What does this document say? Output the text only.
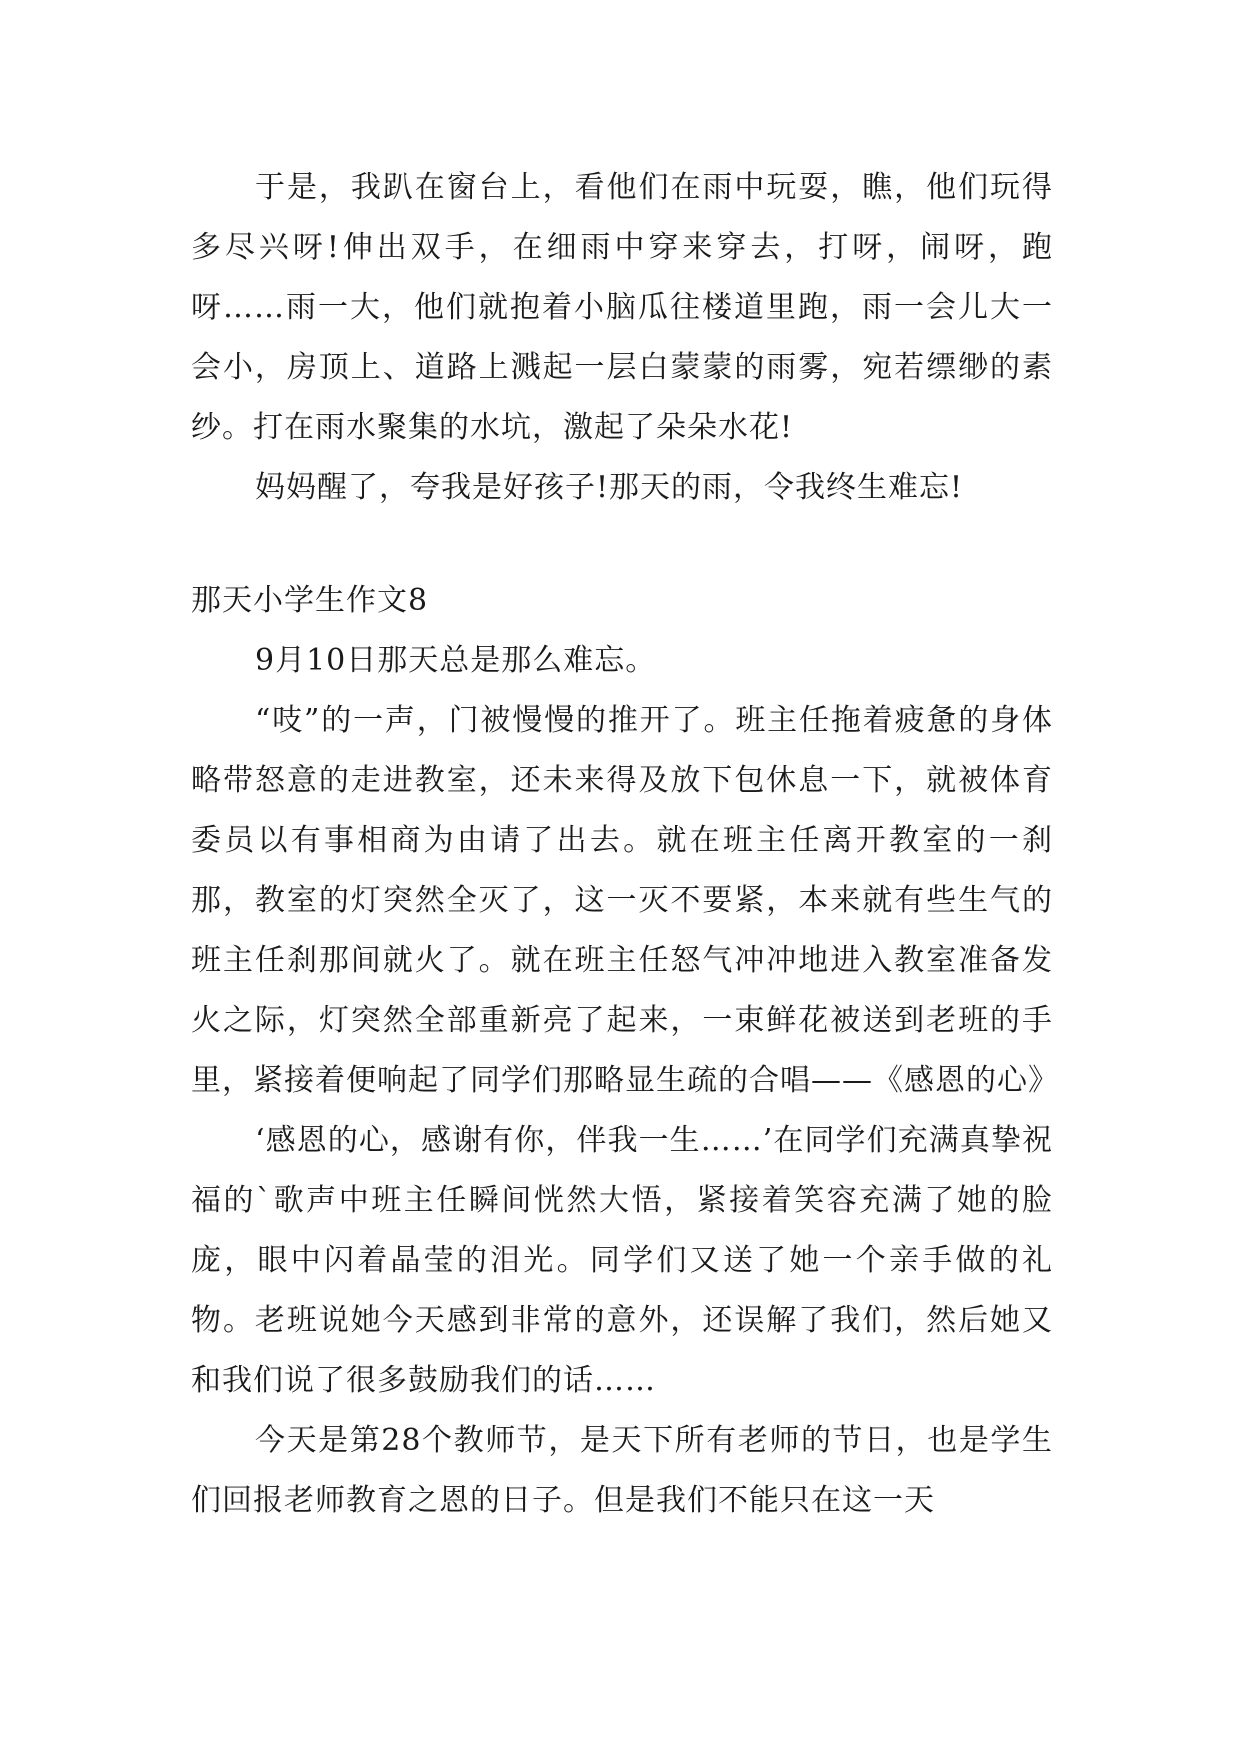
于是，我趴在窗台上，看他们在雨中玩耍，瞧，他们玩得多尽兴呀!伸出双手，在细雨中穿来穿去，打呀，闹呀，跑呀……雨一大，他们就抱着小脑瓜往楼道里跑，雨一会儿大一会小，房顶上、道路上溅起一层白蒙蒙的雨雾，宛若缥缈的素纱。打在雨水聚集的水坑，激起了朵朵水花!

妈妈醒了，夸我是好孩子!那天的雨，令我终生难忘!

那天小学生作文8

9月10日那天总是那么难忘。

“吱”的一声，门被慢慢的推开了。班主任拖着疲惫的身体略带怒意的走进教室，还未来得及放下包休息一下，就被体育委员以有事相商为由请了出去。就在班主任离开教室的一刹那，教室的灯突然全灭了，这一灭不要紧，本来就有些生气的班主任刹那间就火了。就在班主任怒气冲冲地进入教室准备发火之际，灯突然全部重新亮了起来，一束鲜花被送到老班的手里，紧接着便响起了同学们那略显生疏的合唱——《感恩的心》

‘感恩的心，感谢有你，伴我一生……’在同学们充满真挚祝福的`歌声中班主任瞬间恍然大悟，紧接着笑容充满了她的脸庞，眼中闪着晶莹的泪光。同学们又送了她一个亲手做的礼物。老班说她今天感到非常的意外，还误解了我们，然后她又和我们说了很多鼓励我们的话……

今天是第28个教师节，是天下所有老师的节日，也是学生们回报老师教育之恩的日子。但是我们不能只在这一天
